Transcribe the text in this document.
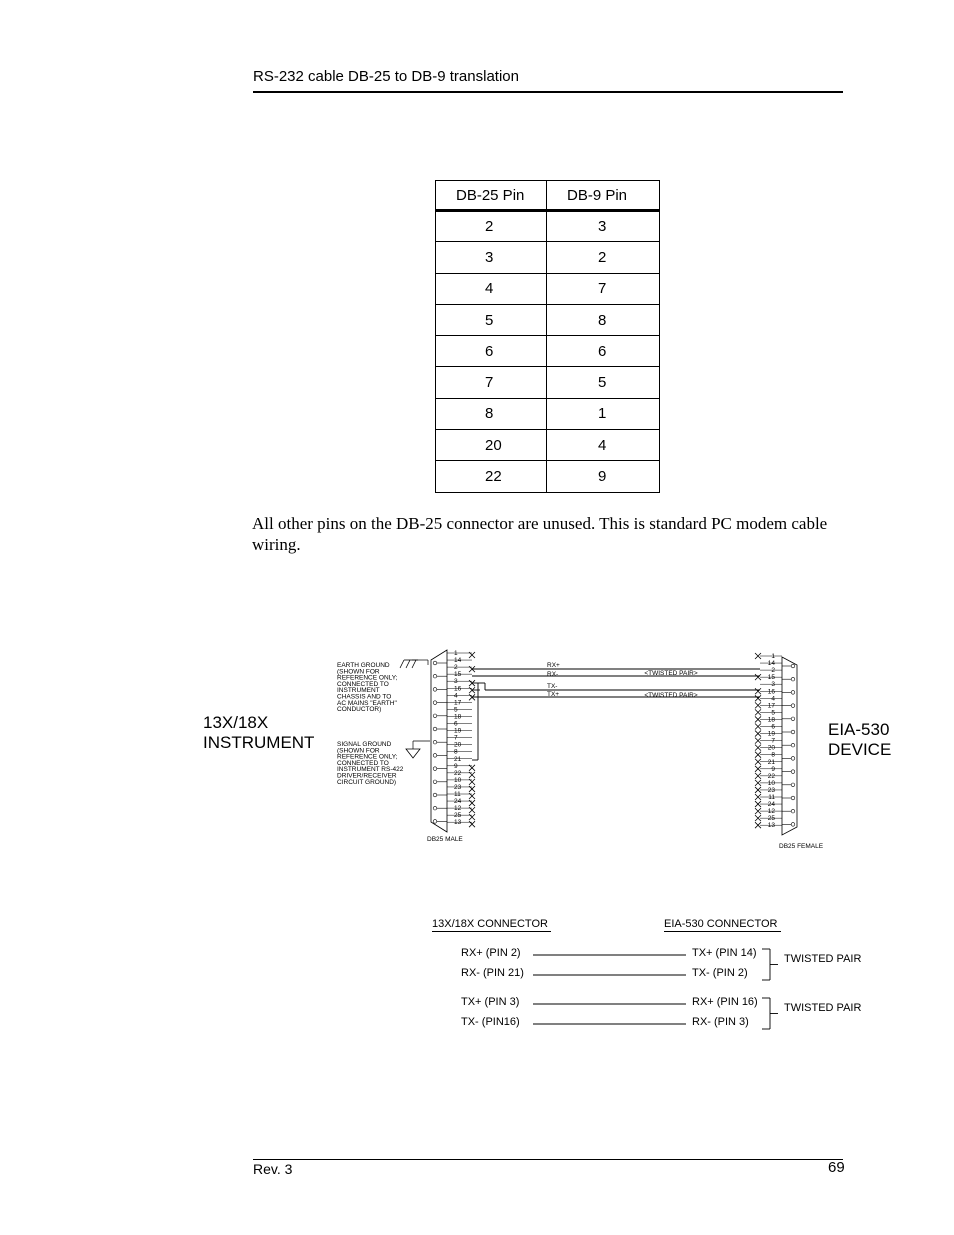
RS-232 cable DB-25 to DB-9 translation
DB-25 Pin	DB-9 Pin
2	3
3	2
4	7
5	8
6	6
7	5
8	1
20	4
22	9
All other pins on the DB-25 connector are unused. This is standard PC modem cable wiring.
13X/18X
INSTRUMENT
EIA-530
DEVICE
1
14
2
15
3
16
4
17
5
18
6
19
7
20
8
21
9
22
10
23
11
24
12
25
13
1
14
2
15
3
16
4
17
5
18
6
19
7
20
8
21
9
22
10
23
11
24
12
25
13
RX+
RX-
TX-
TX+
<TWISTED PAIR>
<TWISTED PAIR>
EARTH GROUND
(SHOWN FOR
REFERENCE ONLY;
CONNECTED TO
INSTRUMENT
CHASSIS AND TO
AC MAINS "EARTH"
CONDUCTOR)
SIGNAL GROUND
(SHOWN FOR
REFERENCE ONLY;
CONNECTED TO
INSTRUMENT RS-422
DRIVER/RECEIVER
CIRCUIT GROUND)
DB25 MALE
DB25 FEMALE
13X/18X CONNECTOR	EIA-530 CONNECTOR
RX+ (PIN 2)	TX+ (PIN 14)
RX- (PIN 21)	TX- (PIN 2)
TX+ (PIN 3)	RX+ (PIN 16)
TX- (PIN16)	RX- (PIN 3)
TWISTED PAIR
TWISTED PAIR
Rev. 3	69
